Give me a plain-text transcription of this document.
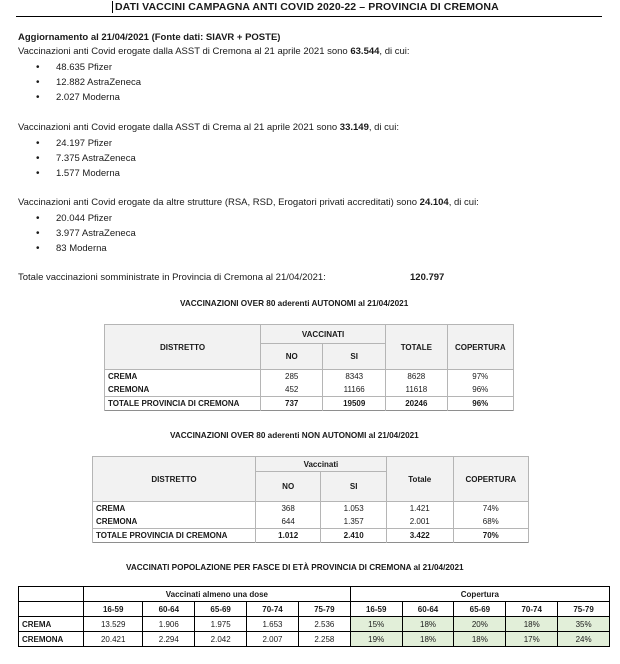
DATI VACCINI CAMPAGNA ANTI COVID 2020-22 – PROVINCIA DI CREMONA
Aggiornamento al 21/04/2021 (Fonte dati: SIAVR + POSTE)
Vaccinazioni anti Covid erogate dalla ASST di Cremona al 21 aprile 2021 sono 63.544, di cui:
• 48.635 Pfizer
• 12.882 AstraZeneca
• 2.027 Moderna
Vaccinazioni anti Covid erogate dalla ASST di Crema al 21 aprile 2021 sono 33.149, di cui:
• 24.197 Pfizer
• 7.375 AstraZeneca
• 1.577 Moderna
Vaccinazioni anti Covid erogate da altre strutture (RSA, RSD, Erogatori privati accreditati) sono 24.104, di cui:
• 20.044 Pfizer
• 3.977 AstraZeneca
• 83 Moderna
Totale vaccinazioni somministrate in Provincia di Cremona al 21/04/2021:	120.797
VACCINAZIONI OVER 80 aderenti AUTONOMI al 21/04/2021
DISTRETTO	VACCINATI		TOTALE	COPERTURA
	NO	SI		
CREMA	285	8343	8628	97%
CREMONA	452	11166	11618	96%
TOTALE PROVINCIA DI CREMONA	737	19509	20246	96%
VACCINAZIONI OVER 80 aderenti NON AUTONOMI al 21/04/2021
DISTRETTO	Vaccinati		Totale	COPERTURA
	NO	SI		
CREMA	368	1.053	1.421	74%
CREMONA	644	1.357	2.001	68%
TOTALE PROVINCIA DI CREMONA	1.012	2.410	3.422	70%
VACCINATI POPOLAZIONE PER FASCE DI ETÀ PROVINCIA DI CREMONA al 21/04/2021
	Vaccinati almeno una dose					Copertura				
	16-59	60-64	65-69	70-74	75-79	16-59	60-64	65-69	70-74	75-79
CREMA	13.529	1.906	1.975	1.653	2.536	15%	18%	20%	18%	35%
CREMONA	20.421	2.294	2.042	2.007	2.258	19%	18%	18%	17%	24%
